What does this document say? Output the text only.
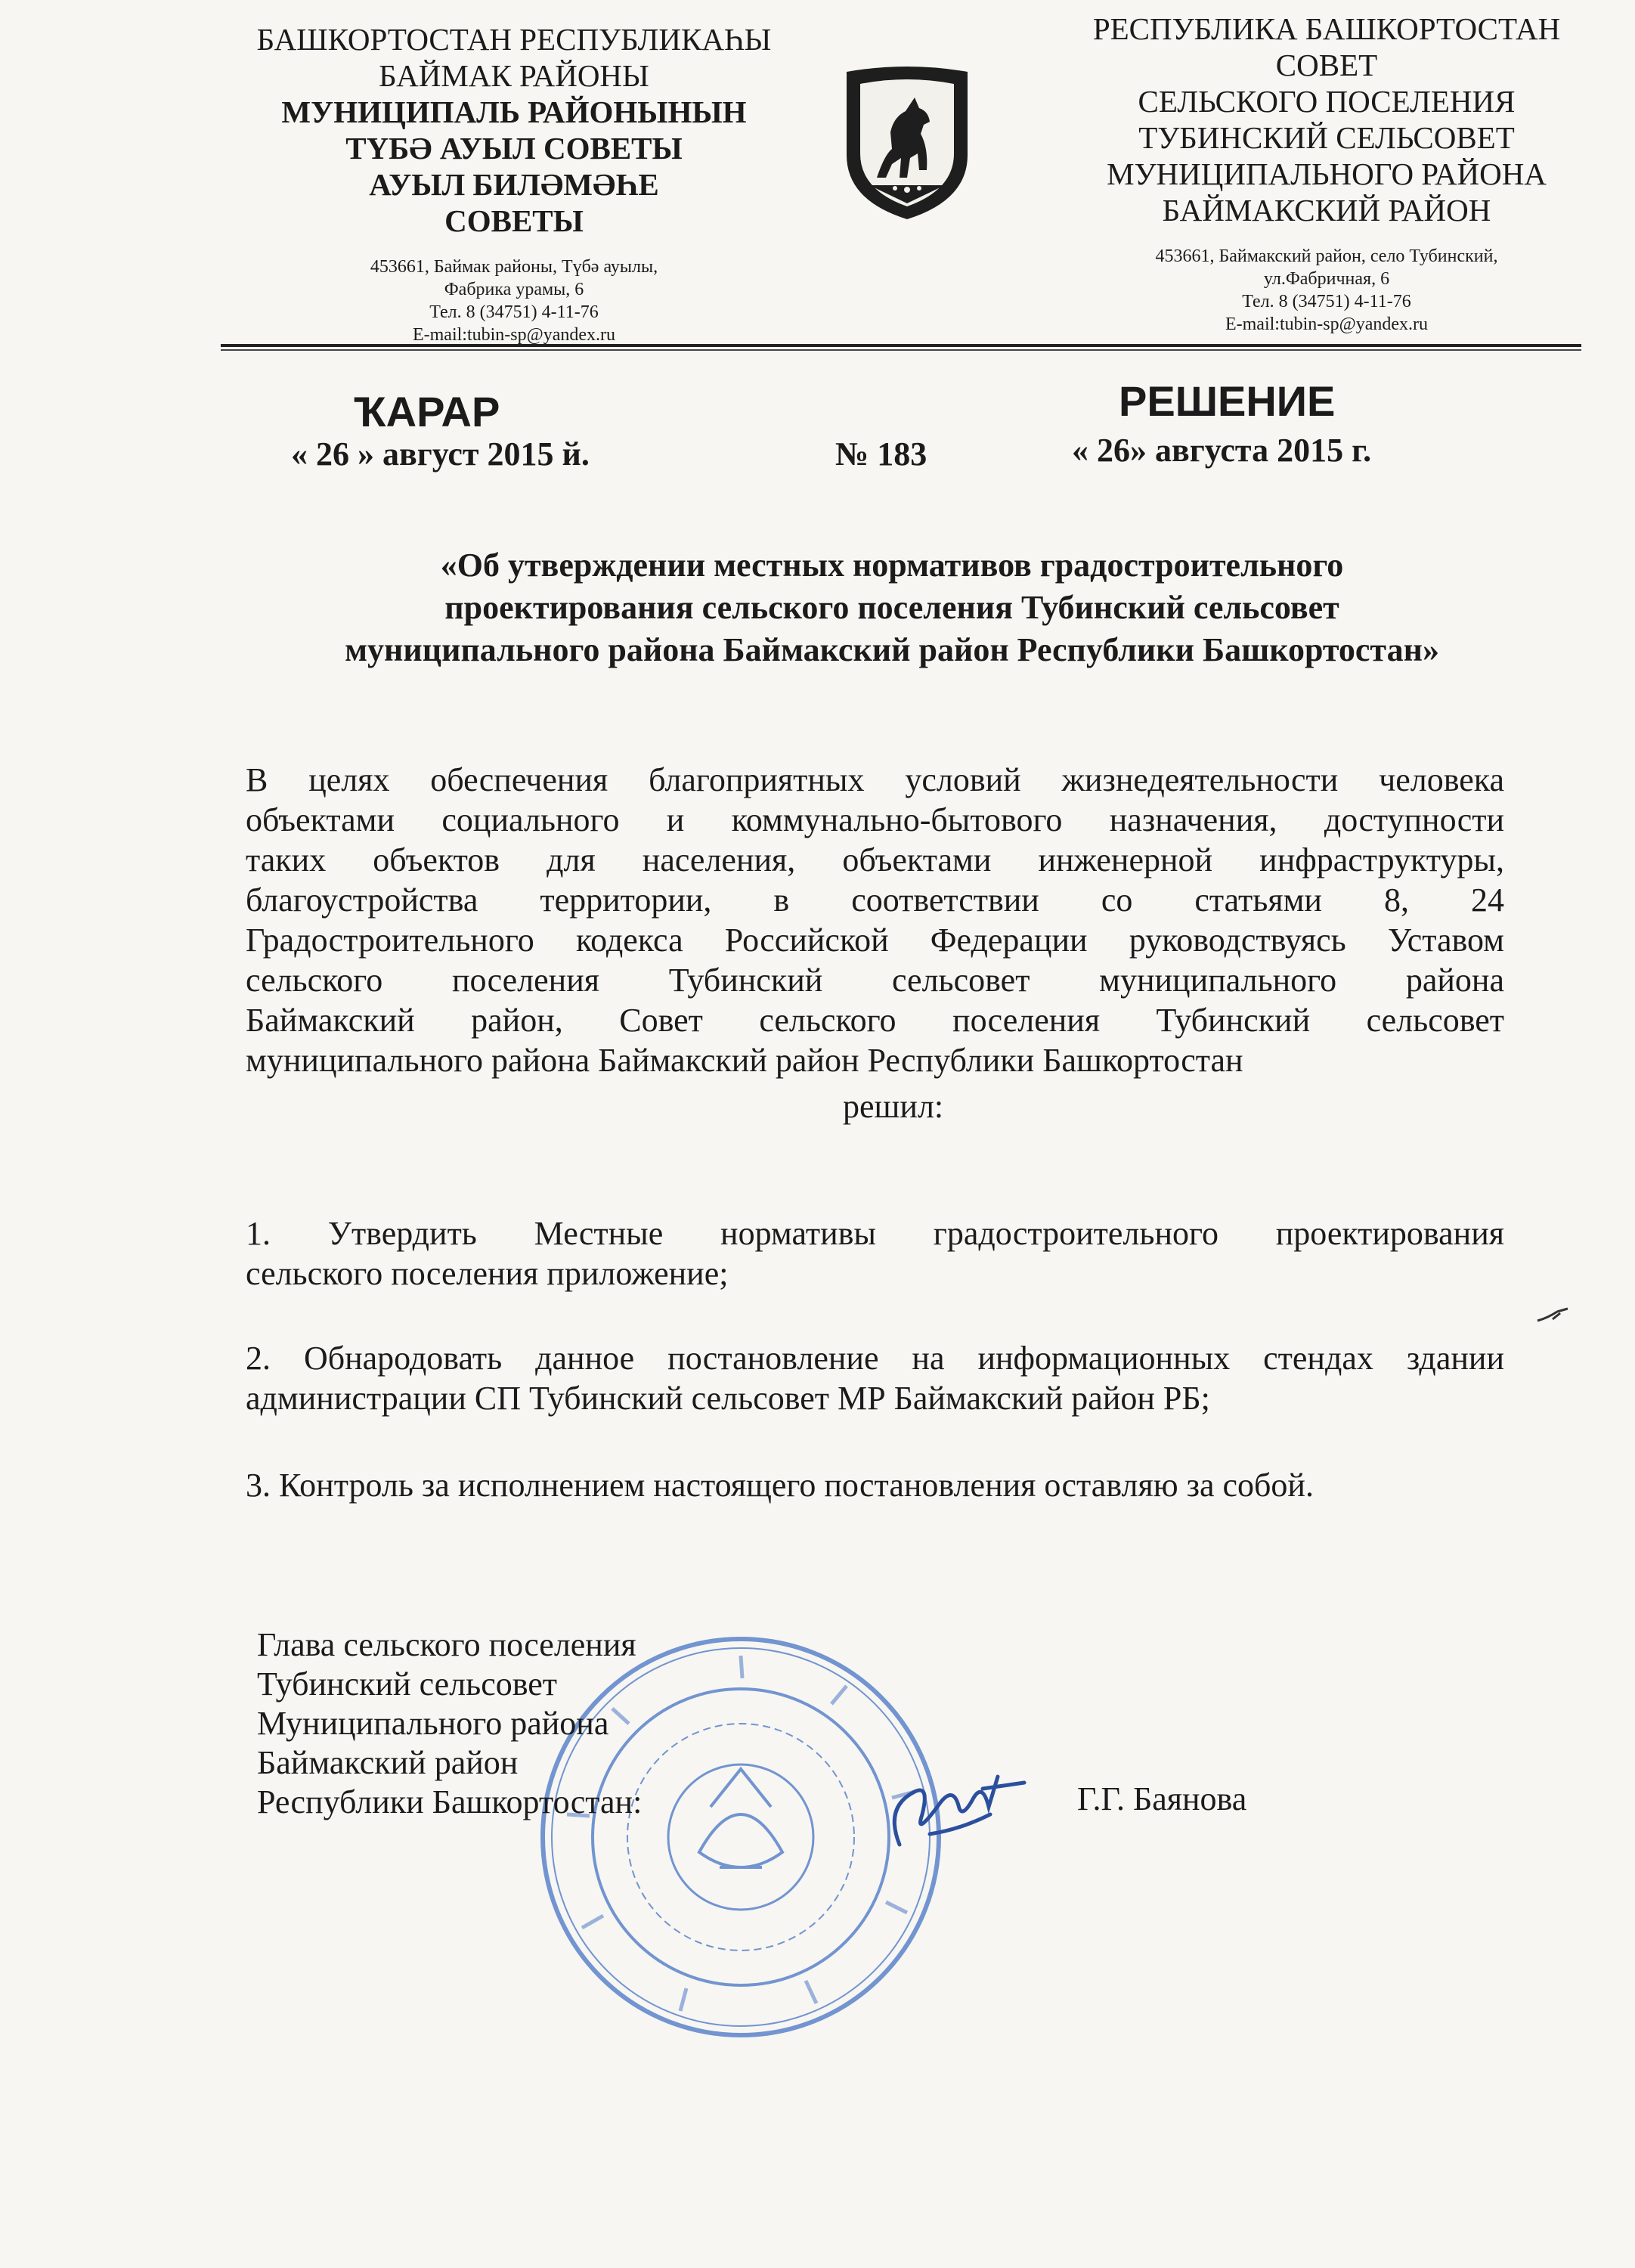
БАШКОРТОСТАН РЕСПУБЛИКАҺЫ
БАЙМАК РАЙОНЫ
МУНИЦИПАЛЬ РАЙОНЫНЫН
ТҮБӘ АУЫЛ СОВЕТЫ
АУЫЛ БИЛӘМӘҺЕ
СОВЕТЫ
453661, Баймак районы, Түбә ауылы,
Фабрика урамы, 6
Тел. 8 (34751) 4-11-76
E-mail:tubin-sp@yandex.ru
РЕСПУБЛИКА БАШКОРТОСТАН
СОВЕТ
СЕЛЬСКОГО ПОСЕЛЕНИЯ
ТУБИНСКИЙ СЕЛЬСОВЕТ
МУНИЦИПАЛЬНОГО РАЙОНА
БАЙМАКСКИЙ РАЙОН
453661, Баймакский район, село Тубинский,
ул.Фабричная, 6
Тел. 8 (34751) 4-11-76
E-mail:tubin-sp@yandex.ru
ҠАРАР	РЕШЕНИЕ
« 26 » август 2015 й.	№ 183	« 26» августа 2015 г.
«Об утверждении местных нормативов градостроительного
проектирования сельского поселения Тубинский сельсовет
муниципального района Баймакский район Республики Башкортостан»
В целях обеспечения благоприятных условий жизнедеятельности человека
объектами социального и коммунально-бытового назначения, доступности
таких объектов для населения, объектами инженерной инфраструктуры,
благоустройства территории, в соответствии со статьями 8, 24
Градостроительного кодекса Российской Федерации руководствуясь Уставом
сельского поселения Тубинский сельсовет муниципального района
Баймакский район, Совет сельского поселения Тубинский сельсовет
муниципального района Баймакский район Республики Башкортостан
решил:
1. Утвердить Местные нормативы градостроительного проектирования
сельского поселения приложение;
2. Обнародовать данное постановление на информационных стендах здании
администрации СП Тубинский сельсовет МР Баймакский район РБ;
3. Контроль за исполнением настоящего постановления оставляю за собой.
Глава сельского поселения
Тубинский сельсовет
Муниципального района
Баймакский район
Республики Башкортостан:	Г.Г. Баянова
